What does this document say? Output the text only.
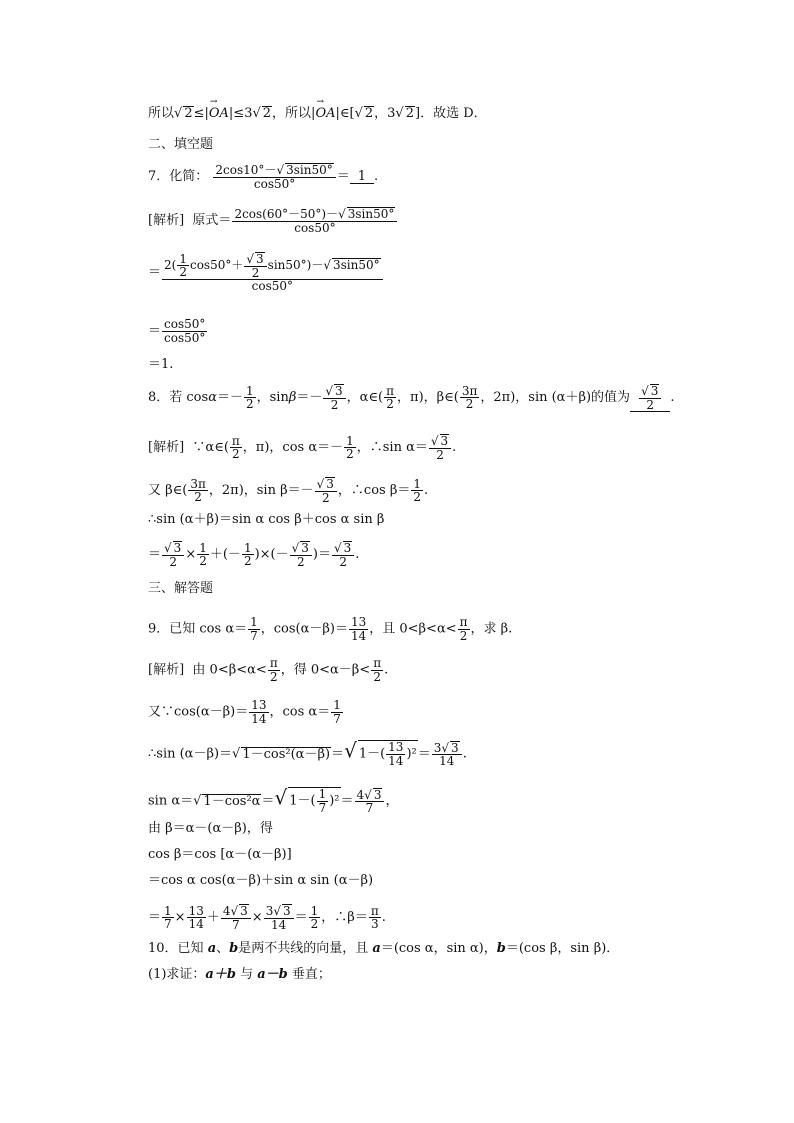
所以√ 2≤|→ OA|≤3√ 2，所以|→ OA|∈[√ 2，3√ 2]．故选 D．
二、填空题
7．化简： $\frac{2\cos 10^\circ-√ 3\sin 50^\circ}{\cos 50^\circ} = 1$ .
[解析] 原式＝ $\frac{2\cos(60^\circ-50^\circ)-√ 3\sin 50^\circ}{\cos 50^\circ}$
＝ $\frac{2( \frac{1}{2} \cos 50^\circ+ \frac{√ 3}{2} \sin 50^\circ)-√ 3\sin 50^\circ}{\cos 50^\circ}$
＝ $\frac{\cos 50^\circ}{\cos 50^\circ}$
＝1.
8．若 $\cos\alpha=- \frac{1}{2}$ ，$\sin\beta=- \frac{√ 3}{2}$ ，α∈( $\frac{\pi}{2}$ ，π)，β∈( $\frac{3\pi}{2}$ ，2π)，sin (α＋β)的值为 $\frac{√ 3}{2}$ .
[解析] ∵α∈( $\frac{\pi}{2}$ ，π)，$\cos \alpha=- \frac{1}{2}$ ，∴sin $\alpha= \frac{√ 3}{2}$ .
又 β∈( $\frac{3\pi}{2}$ ，2π)，$\sin \beta=- \frac{√ 3}{2}$ ，∴cos $\beta= \frac{1}{2}$ .
∴sin (α＋β)＝sin α cos β＋cos α sin β
＝ $\frac{√ 3}{2} \times \frac{1}{2}$ ＋(－ $\frac{1}{2}$ )×(－ $\frac{√ 3}{2}$ )＝ $\frac{√ 3}{2}$ .
三、解答题
9．已知 $\cos \alpha= \frac{1}{7}$ ，$\cos(\alpha-\beta)= \frac{13}{14}$ ，且 $0<\beta<\alpha< \frac{\pi}{2}$ ，求 β.
[解析] 由 $0<\beta<\alpha< \frac{\pi}{2}$ ，得 $0<\alpha-\beta< \frac{\pi}{2}$ .
又∵cos(α－β)＝ $\frac{13}{14}$ ，$\cos \alpha= \frac{1}{7}$
∴sin (α－β)＝√ 1－cos²(α－β)＝√ $1-( \frac{13}{14} )^2= \frac{3√ 3}{14}$ .
sin α＝√ 1－cos²α＝√ $1-( \frac{1}{7} )^2= \frac{4√ 3}{7}$ ，
由 β＝α－(α－β)，得
cos β＝cos [α－(α－β)]
＝cos α cos(α－β)＋sin α sin (α－β)
＝ $\frac{1}{7} \times \frac{13}{14} + \frac{4√ 3}{7} \times \frac{3√ 3}{14} = \frac{1}{2}$ ，∴β＝ $\frac{\pi}{3}$ .
10．已知 a、b是两不共线的向量，且 a＝(cos α，sin α)，b＝(cos β，sin β)．
(1)求证：a＋b 与 a－b 垂直；
